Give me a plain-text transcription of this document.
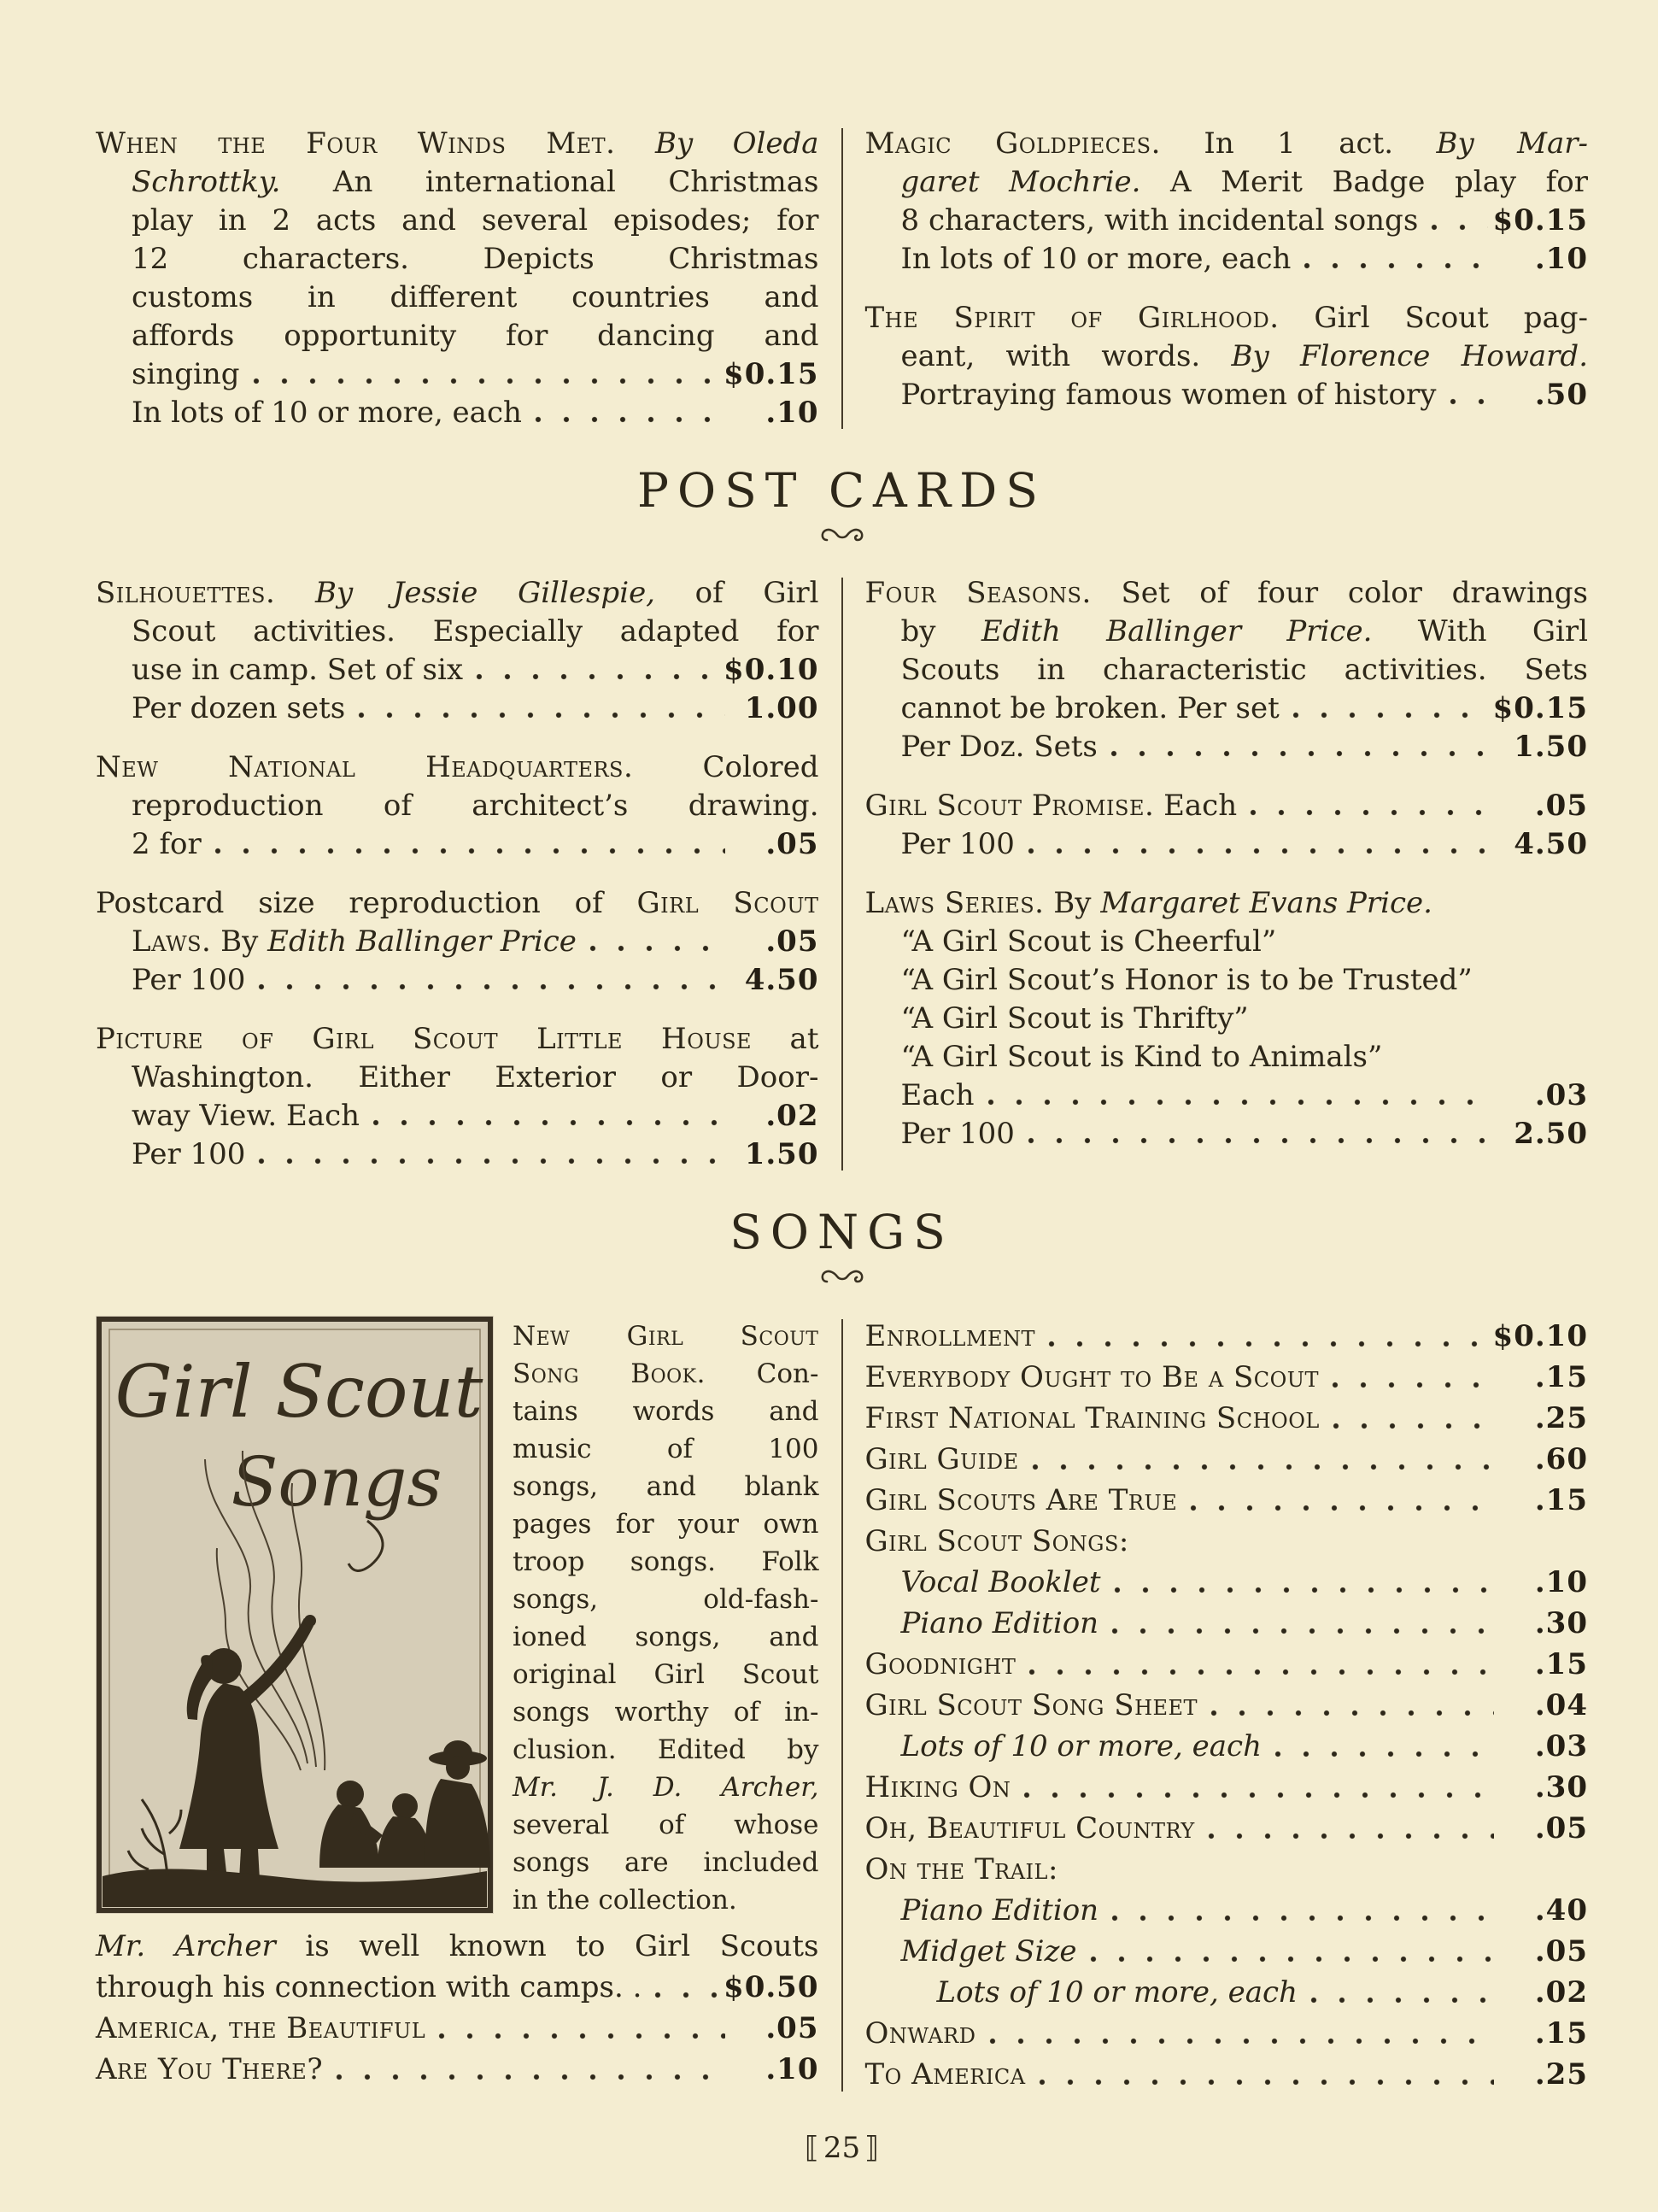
When the Four Winds Met. By Oleda
Schrottky. An international Christmas
play in 2 acts and several episodes; for
12 characters. Depicts Christmas
customs in different countries and
affords opportunity for dancing and
singing	$0.15
In lots of 10 or more, each	.10
Magic Goldpieces. In 1 act. By Mar-
garet Mochrie. A Merit Badge play for
8 characters, with incidental songs	$0.15
In lots of 10 or more, each	.10
The Spirit of Girlhood. Girl Scout pag-
eant, with words. By Florence Howard.
Portraying famous women of history	.50
POST CARDS
Silhouettes. By Jessie Gillespie, of Girl
Scout activities. Especially adapted for
use in camp. Set of six	$0.10
Per dozen sets	1.00
New National Headquarters. Colored
reproduction of architect’s drawing.
2 for	.05
Postcard size reproduction of Girl Scout
Laws. By Edith Ballinger Price	.05
Per 100	4.50
Picture of Girl Scout Little House at
Washington. Either Exterior or Door-
way View. Each	.02
Per 100	1.50
Four Seasons. Set of four color drawings
by Edith Ballinger Price. With Girl
Scouts in characteristic activities. Sets
cannot be broken. Per set	$0.15
Per Doz. Sets	1.50
Girl Scout Promise. Each	.05
Per 100	4.50
Laws Series. By Margaret Evans Price.
“A Girl Scout is Cheerful”
“A Girl Scout’s Honor is to be Trusted”
“A Girl Scout is Thrifty”
“A Girl Scout is Kind to Animals”
Each	.03
Per 100	2.50
SONGS
Girl Scout
Songs
New Girl Scout
Song Book. Con-
tains words and
music of 100
songs, and blank
pages for your own
troop songs. Folk
songs, old-fash-
ioned songs, and
original Girl Scout
songs worthy of in-
clusion. Edited by
Mr. J. D. Archer,
several of whose
songs are included
in the collection.
Mr. Archer is well known to Girl Scouts
through his connection with camps. .	$0.50
America, the Beautiful	.05
Are You There?	.10
Enrollment	$0.10
Everybody Ought to Be a Scout	.15
First National Training School	.25
Girl Guide	.60
Girl Scouts Are True	.15
Girl Scout Songs:
Vocal Booklet	.10
Piano Edition	.30
Goodnight	.15
Girl Scout Song Sheet	.04
Lots of 10 or more, each	.03
Hiking On	.30
Oh, Beautiful Country	.05
On the Trail:
Piano Edition	.40
Midget Size	.05
Lots of 10 or more, each	.02
Onward	.15
To America	.25
⟦ 25 ⟧
